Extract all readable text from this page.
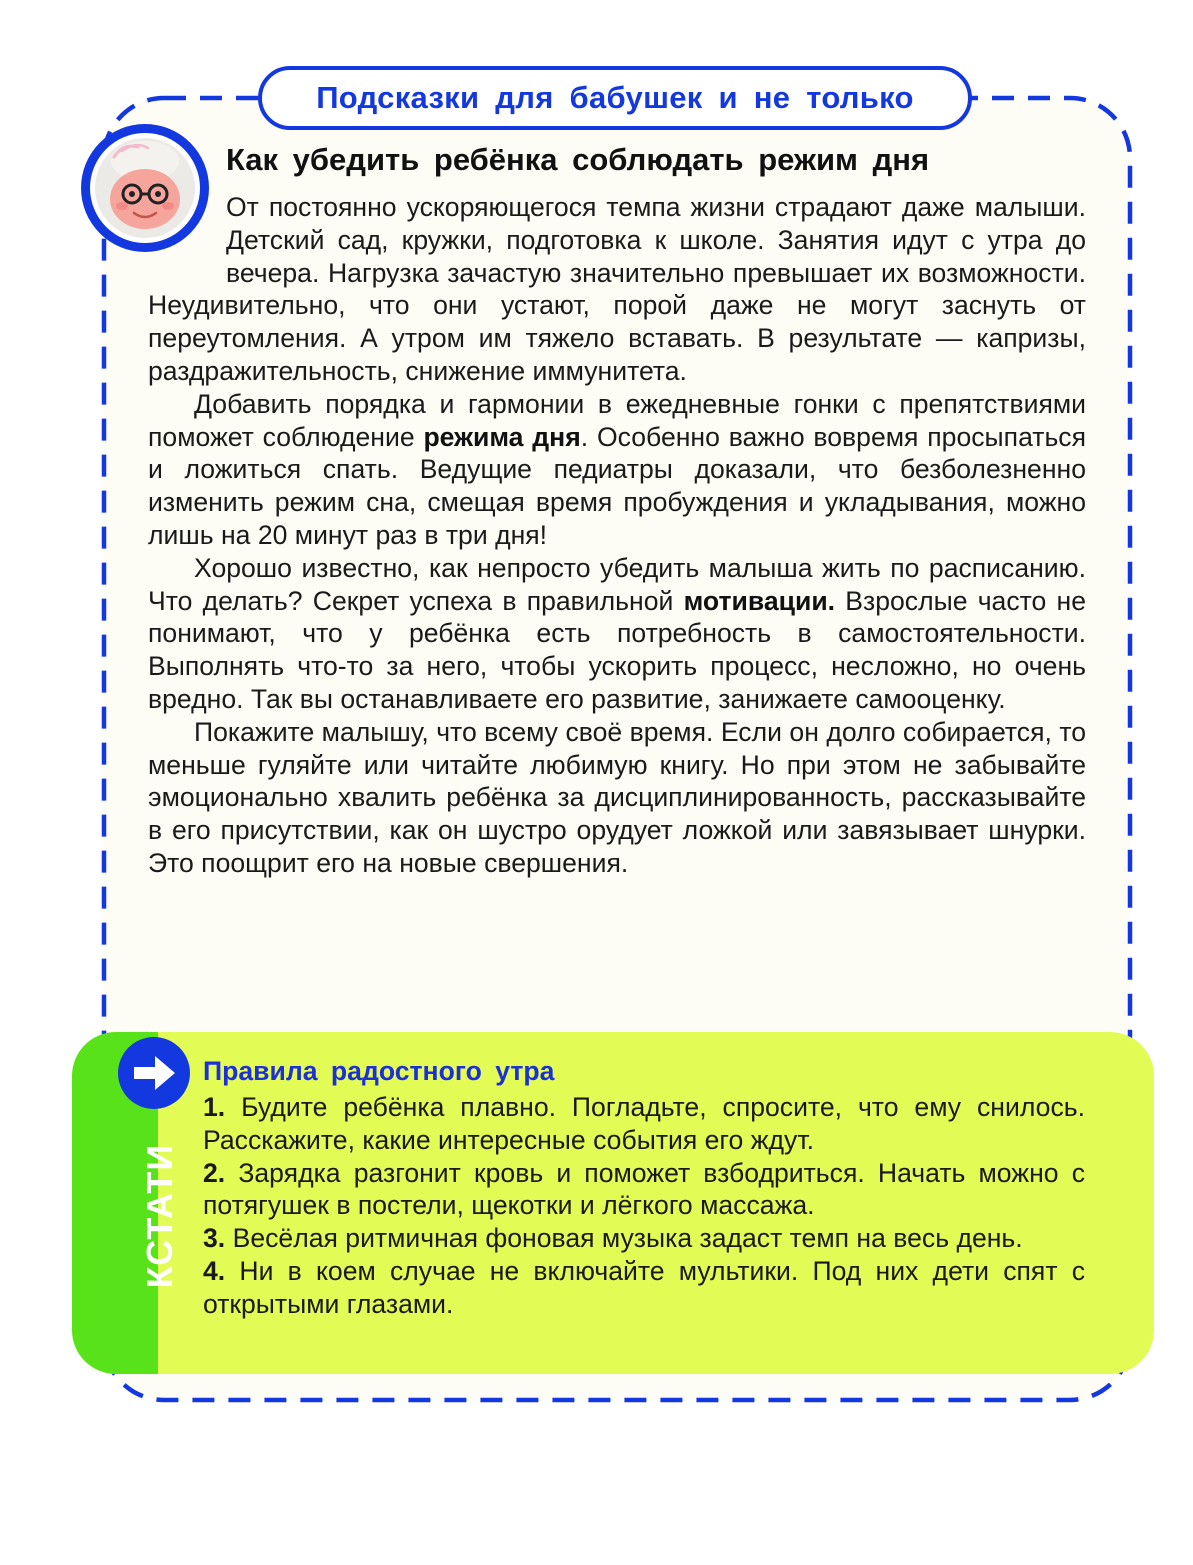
Подсказки для бабушек и не только
Как убедить ребёнка соблюдать режим дня

От постоянно ускоряющегося темпа жизни страдают даже малыши. Детский сад, кружки, подготовка к школе. Занятия идут с утра до вечера. Нагрузка зачастую значительно превышает их возможности. Неудивительно, что они устают, порой даже не могут заснуть от переутомления. А утром им тяжело вставать. В результате — капризы, раздражительность, снижение иммунитета.

Добавить порядка и гармонии в ежедневные гонки с препятствиями поможет соблюдение режима дня. Особенно важно вовремя просыпаться и ложиться спать. Ведущие педиатры доказали, что безболезненно изменить режим сна, смещая время пробуждения и укладывания, можно лишь на 20 минут раз в три дня!

Хорошо известно, как непросто убедить малыша жить по расписанию. Что делать? Секрет успеха в правильной мотивации. Взрослые часто не понимают, что у ребёнка есть потребность в самостоятельности. Выполнять что-то за него, чтобы ускорить процесс, несложно, но очень вредно. Так вы останавливаете его развитие, занижаете самооценку.

Покажите малышу, что всему своё время. Если он долго собирается, то меньше гуляйте или читайте любимую книгу. Но при этом не забывайте эмоционально хвалить ребёнка за дисциплинированность, рассказывайте в его присутствии, как он шустро орудует ложкой или завязывает шнурки. Это поощрит его на новые свершения.

КСТАТИ
Правила радостного утра

1. Будите ребёнка плавно. Погладьте, спросите, что ему снилось. Расскажите, какие интересные события его ждут.

2. Зарядка разгонит кровь и поможет взбодриться. Начать можно с потягушек в постели, щекотки и лёгкого массажа.

3. Весёлая ритмичная фоновая музыка задаст темп на весь день.

4. Ни в коем случае не включайте мультики. Под них дети спят с открытыми глазами.
